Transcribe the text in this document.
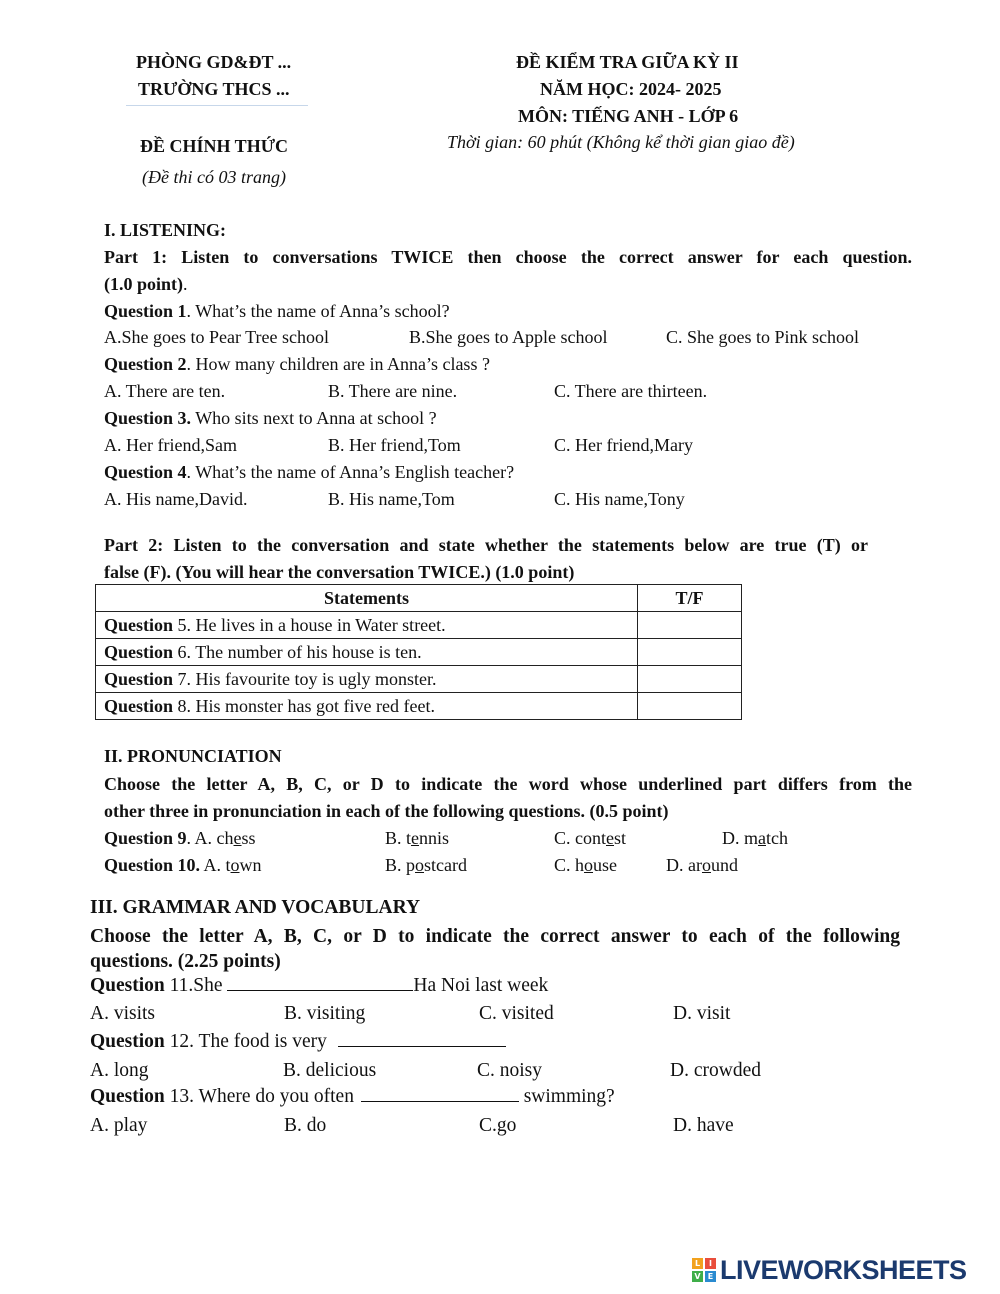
PHÒNG GD&ĐT ...
TRƯỜNG THCS ...
ĐỀ CHÍNH THỨC
(Đề thi có 03 trang)
ĐỀ KIỂM TRA GIỮA KỲ II
NĂM HỌC: 2024- 2025
MÔN: TIẾNG ANH - LỚP 6
Thời gian: 60 phút (Không kể thời gian giao đề)
I. LISTENING:
Part 1: Listen to conversations TWICE then choose the correct answer for each question.
(1.0 point).
Question 1. What’s the name of Anna’s school?
A.She goes to Pear Tree school	B.She goes to Apple school	C. She goes to Pink school
Question 2. How many children are in Anna’s class ?
A. There are ten.	B. There are nine.	C. There are thirteen.
Question 3. Who sits next to Anna at school ?
A. Her friend,Sam	B. Her friend,Tom	C. Her friend,Mary
Question 4. What’s the name of Anna’s English teacher?
A. His name,David.	B. His name,Tom	C. His name,Tony
Part 2: Listen to the conversation and state whether the statements below are true (T) or
false (F). (You will hear the conversation TWICE.) (1.0 point)
Statements	T/F
Question 5. He lives in a house in Water street.	
Question 6. The number of his house is ten.	
Question 7. His favourite toy is ugly monster.	
Question 8. His monster has got five red feet.	
II. PRONUNCIATION
Choose the letter A, B, C, or D to indicate the word whose underlined part differs from the
other three in pronunciation in each of the following questions. (0.5 point)
Question 9. A. chess	B. tennis	C. contest	D. match
Question 10. A. town	B. postcard	C. house	D. around
III. GRAMMAR AND VOCABULARY
Choose the letter A, B, C, or D to indicate the correct answer to each of the following
questions. (2.25 points)
Question 11.She	Ha Noi last week
A. visits	B. visiting	C. visited	D. visit
Question 12. The food is very
A. long	B. delicious	C. noisy	D. crowded
Question 13. Where do you often	swimming?
A. play	B. do	C.go	D. have
L	I
V E LIVEWORKSHEETS
